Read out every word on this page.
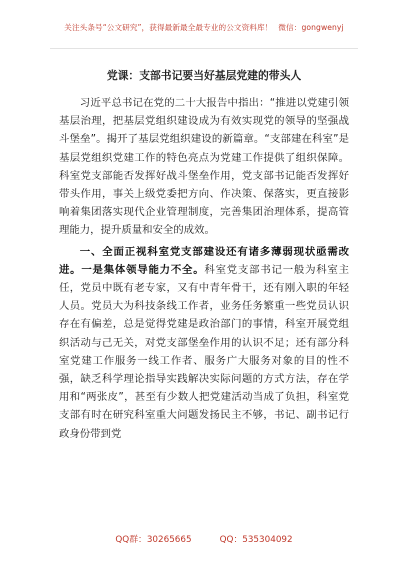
关注头条号“公文研究”，获得最新最全最专业的公文资料库！ 微信：gongwenyj
党课：支部书记要当好基层党建的带头人

习近平总书记在党的二十大报告中指出：“推进以党建引领基层治理，把基层党组织建设成为有效实现党的领导的坚强战斗堡垒”。揭开了基层党组织建设的新篇章。“支部建在科室”是基层党组织党建工作的特色亮点为党建工作提供了组织保障。科室党支部能否发挥好战斗堡垒作用，党支部书记能否发挥好带头作用，事关上级党委把方向、作决策、保落实，更直接影响着集团落实现代企业管理制度，完善集团治理体系，提高管理能力，提升质量和安全的成效。

一、全面正视科室党支部建设还有诸多薄弱现状亟需改进。一是集体领导能力不全。科室党支部书记一般为科室主任，党员中既有老专家，又有中青年骨干，还有刚入职的年轻人员。党员大为科技条线工作者，业务任务繁重一些党员认识存在有偏差，总是觉得党建是政治部门的事情，科室开展党组织活动与己无关，对党支部堡垒作用的认识不足；还有部分科室党建工作服务一线工作者、服务广大服务对象的目的性不强，缺乏科学理论指导实践解决实际问题的方式方法，存在学用和“两张皮”，甚至有少数人把党建活动当成了负担，科室党支部有时在研究科室重大问题发扬民主不够，书记、副书记行政身份带到党

QQ群：30265665	QQ：535304092
